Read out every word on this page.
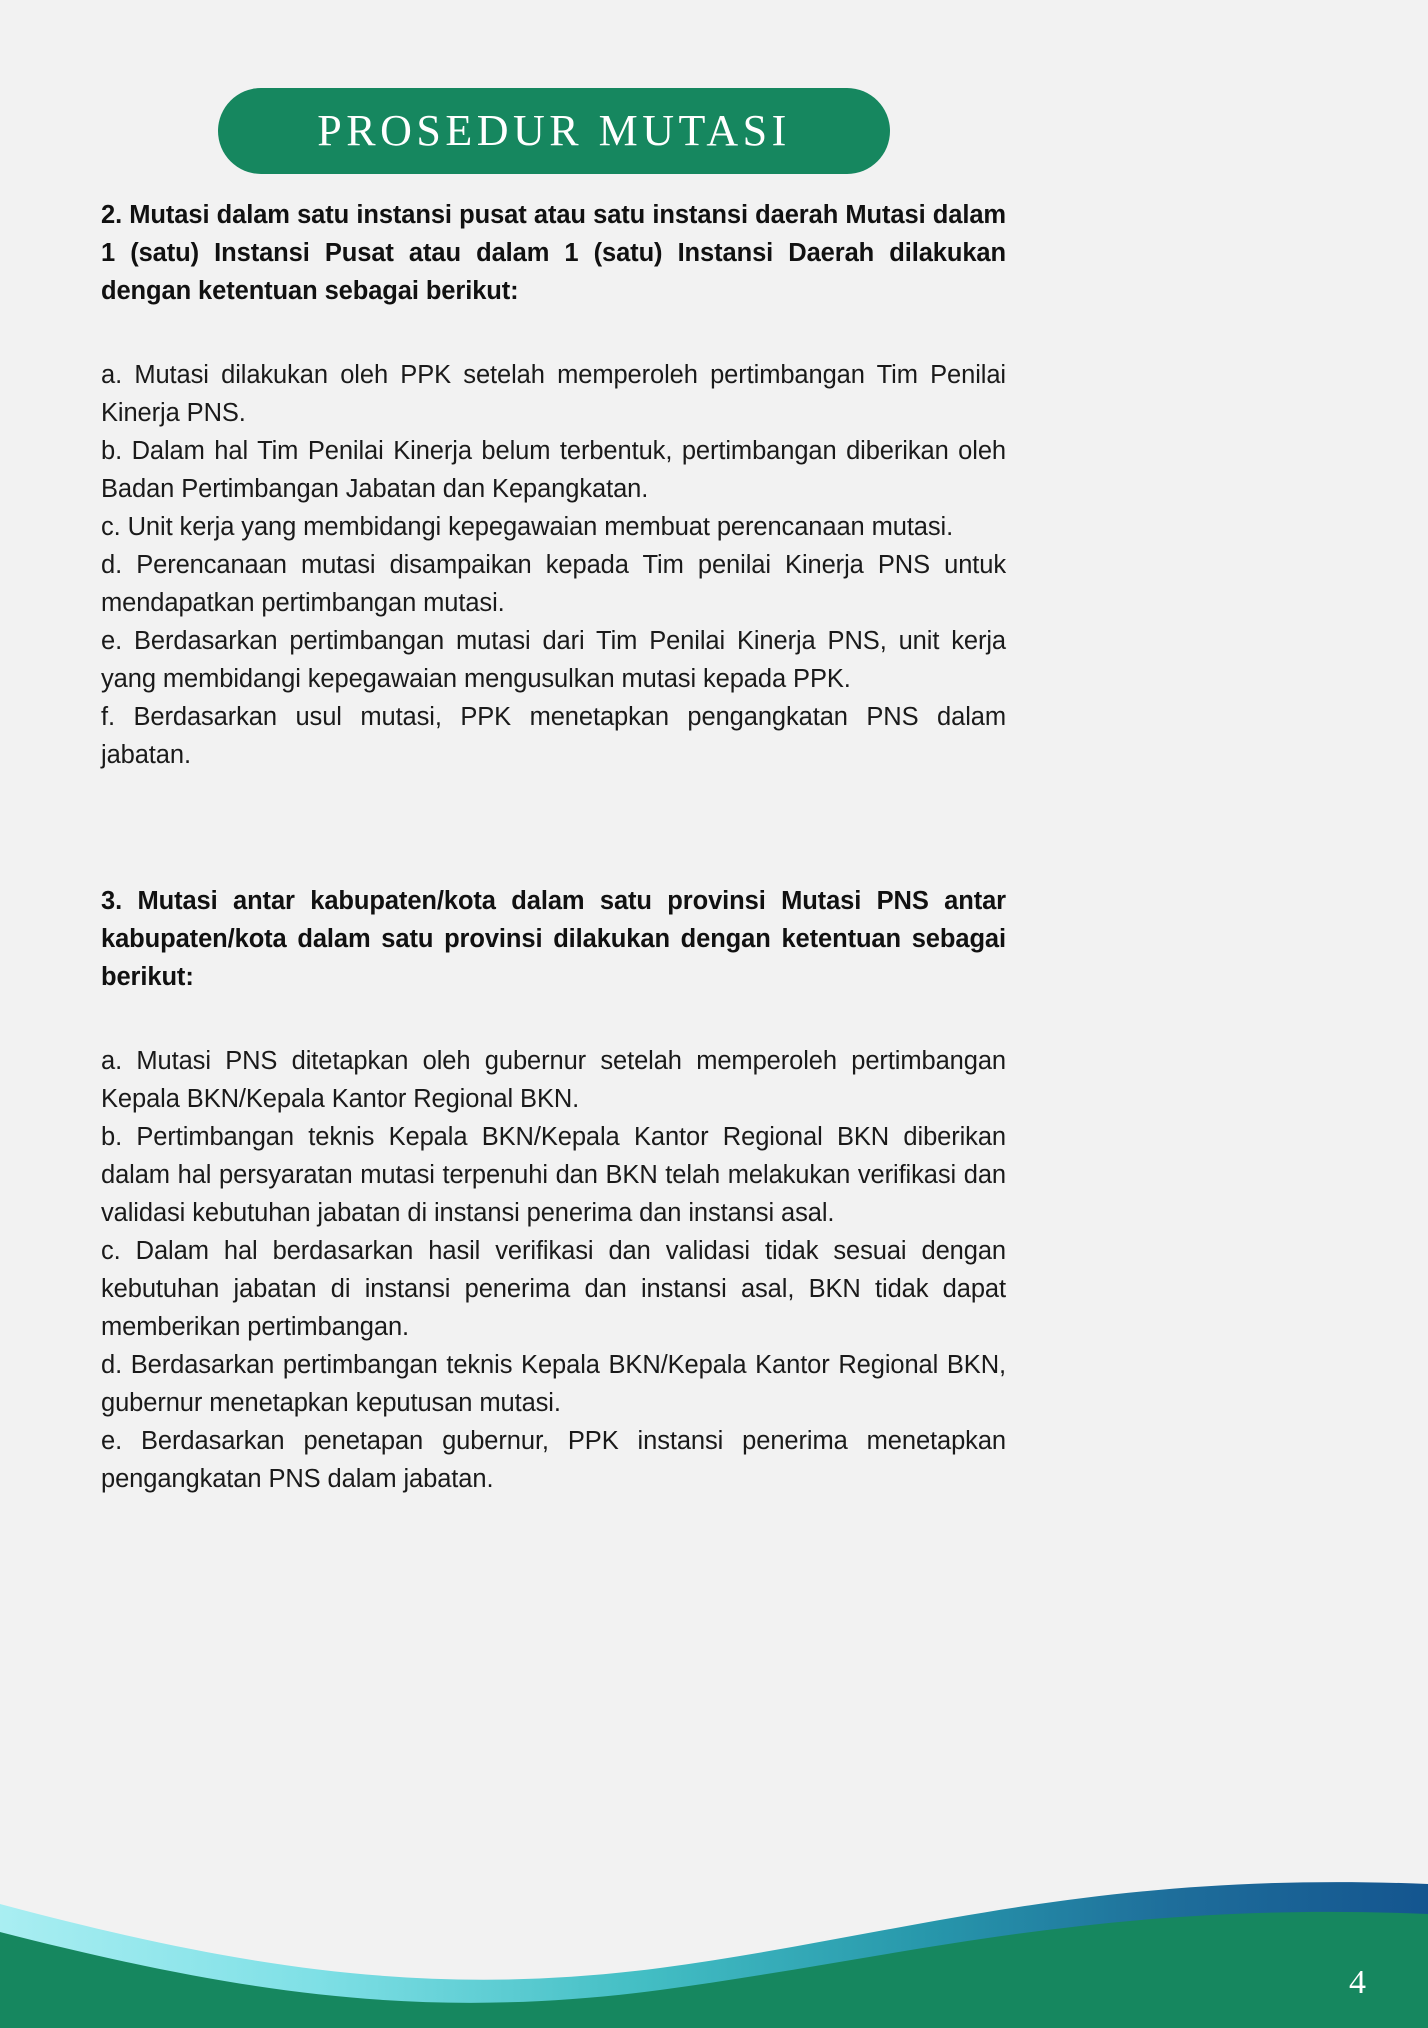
PROSEDUR MUTASI

2. Mutasi dalam satu instansi pusat atau satu instansi daerah Mutasi dalam 1 (satu) Instansi Pusat atau dalam 1 (satu) Instansi Daerah dilakukan dengan ketentuan sebagai berikut:

a. Mutasi dilakukan oleh PPK setelah memperoleh pertimbangan Tim Penilai Kinerja PNS.

b. Dalam hal Tim Penilai Kinerja belum terbentuk, pertimbangan diberikan oleh Badan Pertimbangan Jabatan dan Kepangkatan.

c. Unit kerja yang membidangi kepegawaian membuat perencanaan mutasi.

d. Perencanaan mutasi disampaikan kepada Tim penilai Kinerja PNS untuk mendapatkan pertimbangan mutasi.

e. Berdasarkan pertimbangan mutasi dari Tim Penilai Kinerja PNS, unit kerja yang membidangi kepegawaian mengusulkan mutasi kepada PPK.

f. Berdasarkan usul mutasi, PPK menetapkan pengangkatan PNS dalam jabatan.

3. Mutasi antar kabupaten/kota dalam satu provinsi Mutasi PNS antar kabupaten/kota dalam satu provinsi dilakukan dengan ketentuan sebagai berikut:

a. Mutasi PNS ditetapkan oleh gubernur setelah memperoleh pertimbangan Kepala BKN/Kepala Kantor Regional BKN.

b. Pertimbangan teknis Kepala BKN/Kepala Kantor Regional BKN diberikan dalam hal persyaratan mutasi terpenuhi dan BKN telah melakukan verifikasi dan validasi kebutuhan jabatan di instansi penerima dan instansi asal.

c. Dalam hal berdasarkan hasil verifikasi dan validasi tidak sesuai dengan kebutuhan jabatan di instansi penerima dan instansi asal, BKN tidak dapat memberikan pertimbangan.

d. Berdasarkan pertimbangan teknis Kepala BKN/Kepala Kantor Regional BKN, gubernur menetapkan keputusan mutasi.

e. Berdasarkan penetapan gubernur, PPK instansi penerima menetapkan pengangkatan PNS dalam jabatan.

4
